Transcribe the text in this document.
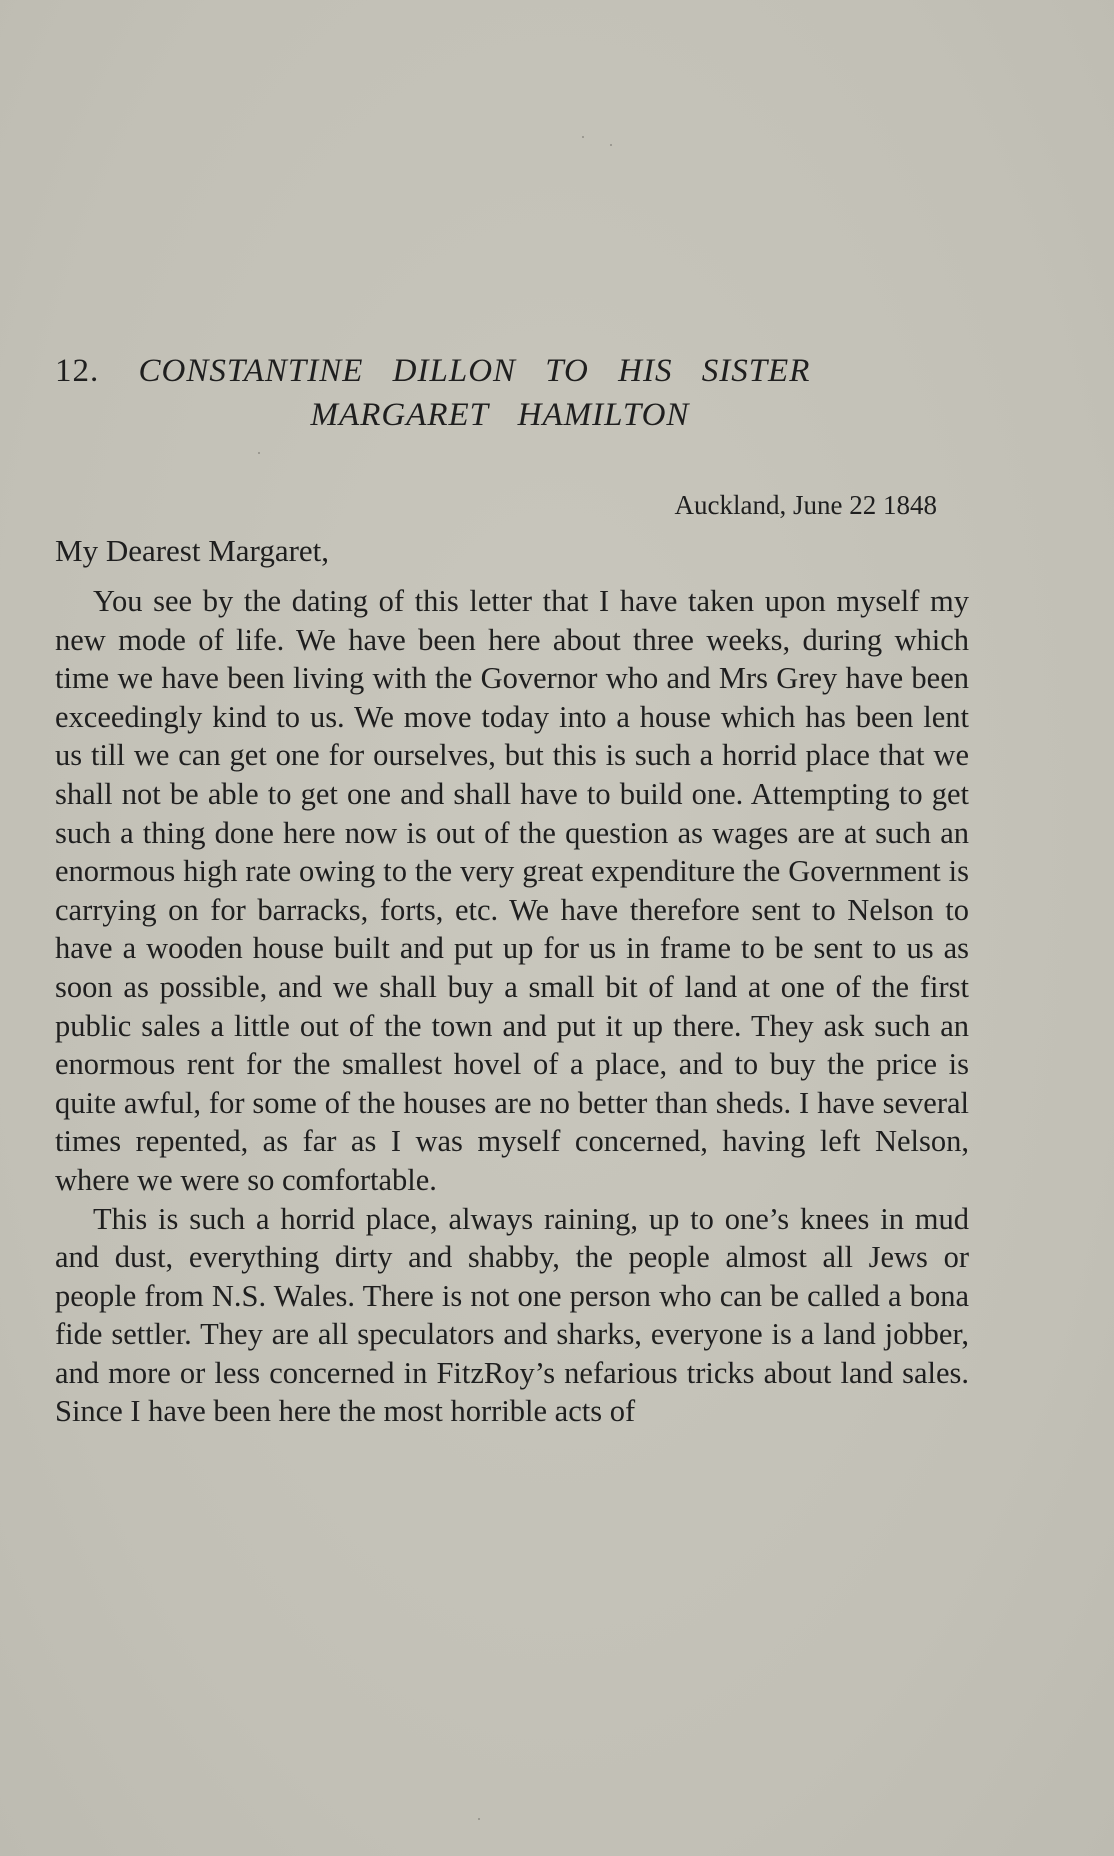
12. CONSTANTINE DILLON TO HIS SISTER
MARGARET HAMILTON
Auckland, June 22 1848
My Dearest Margaret,

You see by the dating of this letter that I have taken upon myself my new mode of life. We have been here about three weeks, during which time we have been living with the Governor who and Mrs Grey have been exceedingly kind to us. We move today into a house which has been lent us till we can get one for ourselves, but this is such a horrid place that we shall not be able to get one and shall have to build one. Attempting to get such a thing done here now is out of the question as wages are at such an enormous high rate owing to the very great expenditure the Government is carrying on for barracks, forts, etc. We have therefore sent to Nelson to have a wooden house built and put up for us in frame to be sent to us as soon as possible, and we shall buy a small bit of land at one of the first public sales a little out of the town and put it up there. They ask such an enormous rent for the smallest hovel of a place, and to buy the price is quite awful, for some of the houses are no better than sheds. I have several times repented, as far as I was myself concerned, having left Nelson, where we were so comfortable.

This is such a horrid place, always raining, up to one’s knees in mud and dust, everything dirty and shabby, the people almost all Jews or people from N.S. Wales. There is not one person who can be called a bona fide settler. They are all speculators and sharks, everyone is a land jobber, and more or less concerned in FitzRoy’s nefarious tricks about land sales. Since I have been here the most horrible acts of
